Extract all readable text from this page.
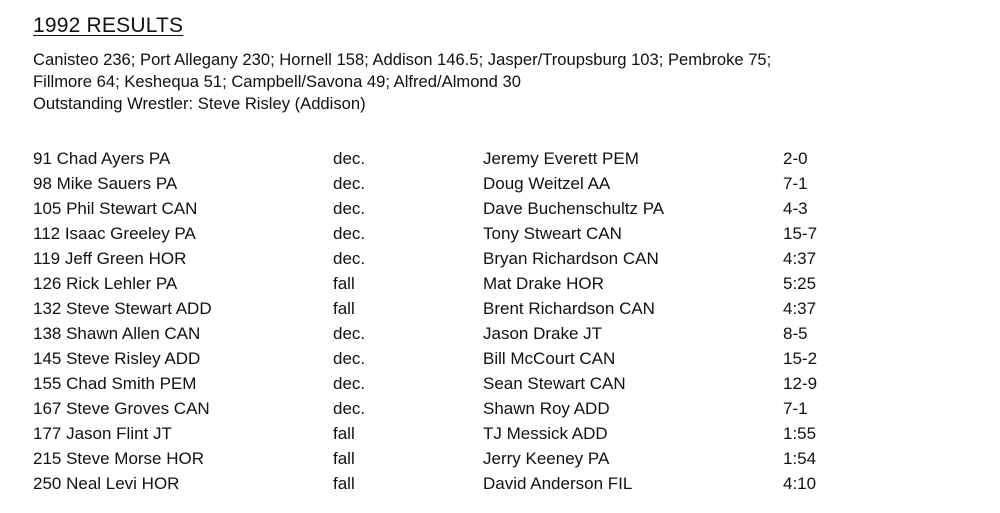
1992 RESULTS
Canisteo 236; Port Allegany 230; Hornell 158; Addison 146.5; Jasper/Troupsburg 103; Pembroke 75;
Fillmore 64; Keshequa 51; Campbell/Savona 49; Alfred/Almond 30
Outstanding Wrestler: Steve Risley (Addison)
91 Chad Ayers PA	dec.	Jeremy Everett PEM	2-0
98 Mike Sauers PA	dec.	Doug Weitzel AA	7-1
105 Phil Stewart CAN	dec.	Dave Buchenschultz PA	4-3
112 Isaac Greeley PA	dec.	Tony Stweart CAN	15-7
119 Jeff Green HOR	dec.	Bryan Richardson CAN	4:37
126 Rick Lehler PA	fall	Mat Drake HOR	5:25
132 Steve Stewart ADD	fall	Brent Richardson CAN	4:37
138 Shawn Allen CAN	dec.	Jason Drake JT	8-5
145 Steve Risley ADD	dec.	Bill McCourt CAN	15-2
155 Chad Smith PEM	dec.	Sean Stewart CAN	12-9
167 Steve Groves CAN	dec.	Shawn Roy ADD	7-1
177 Jason Flint JT	fall	TJ Messick ADD	1:55
215 Steve Morse HOR	fall	Jerry Keeney PA	1:54
250 Neal Levi HOR	fall	David Anderson FIL	4:10
